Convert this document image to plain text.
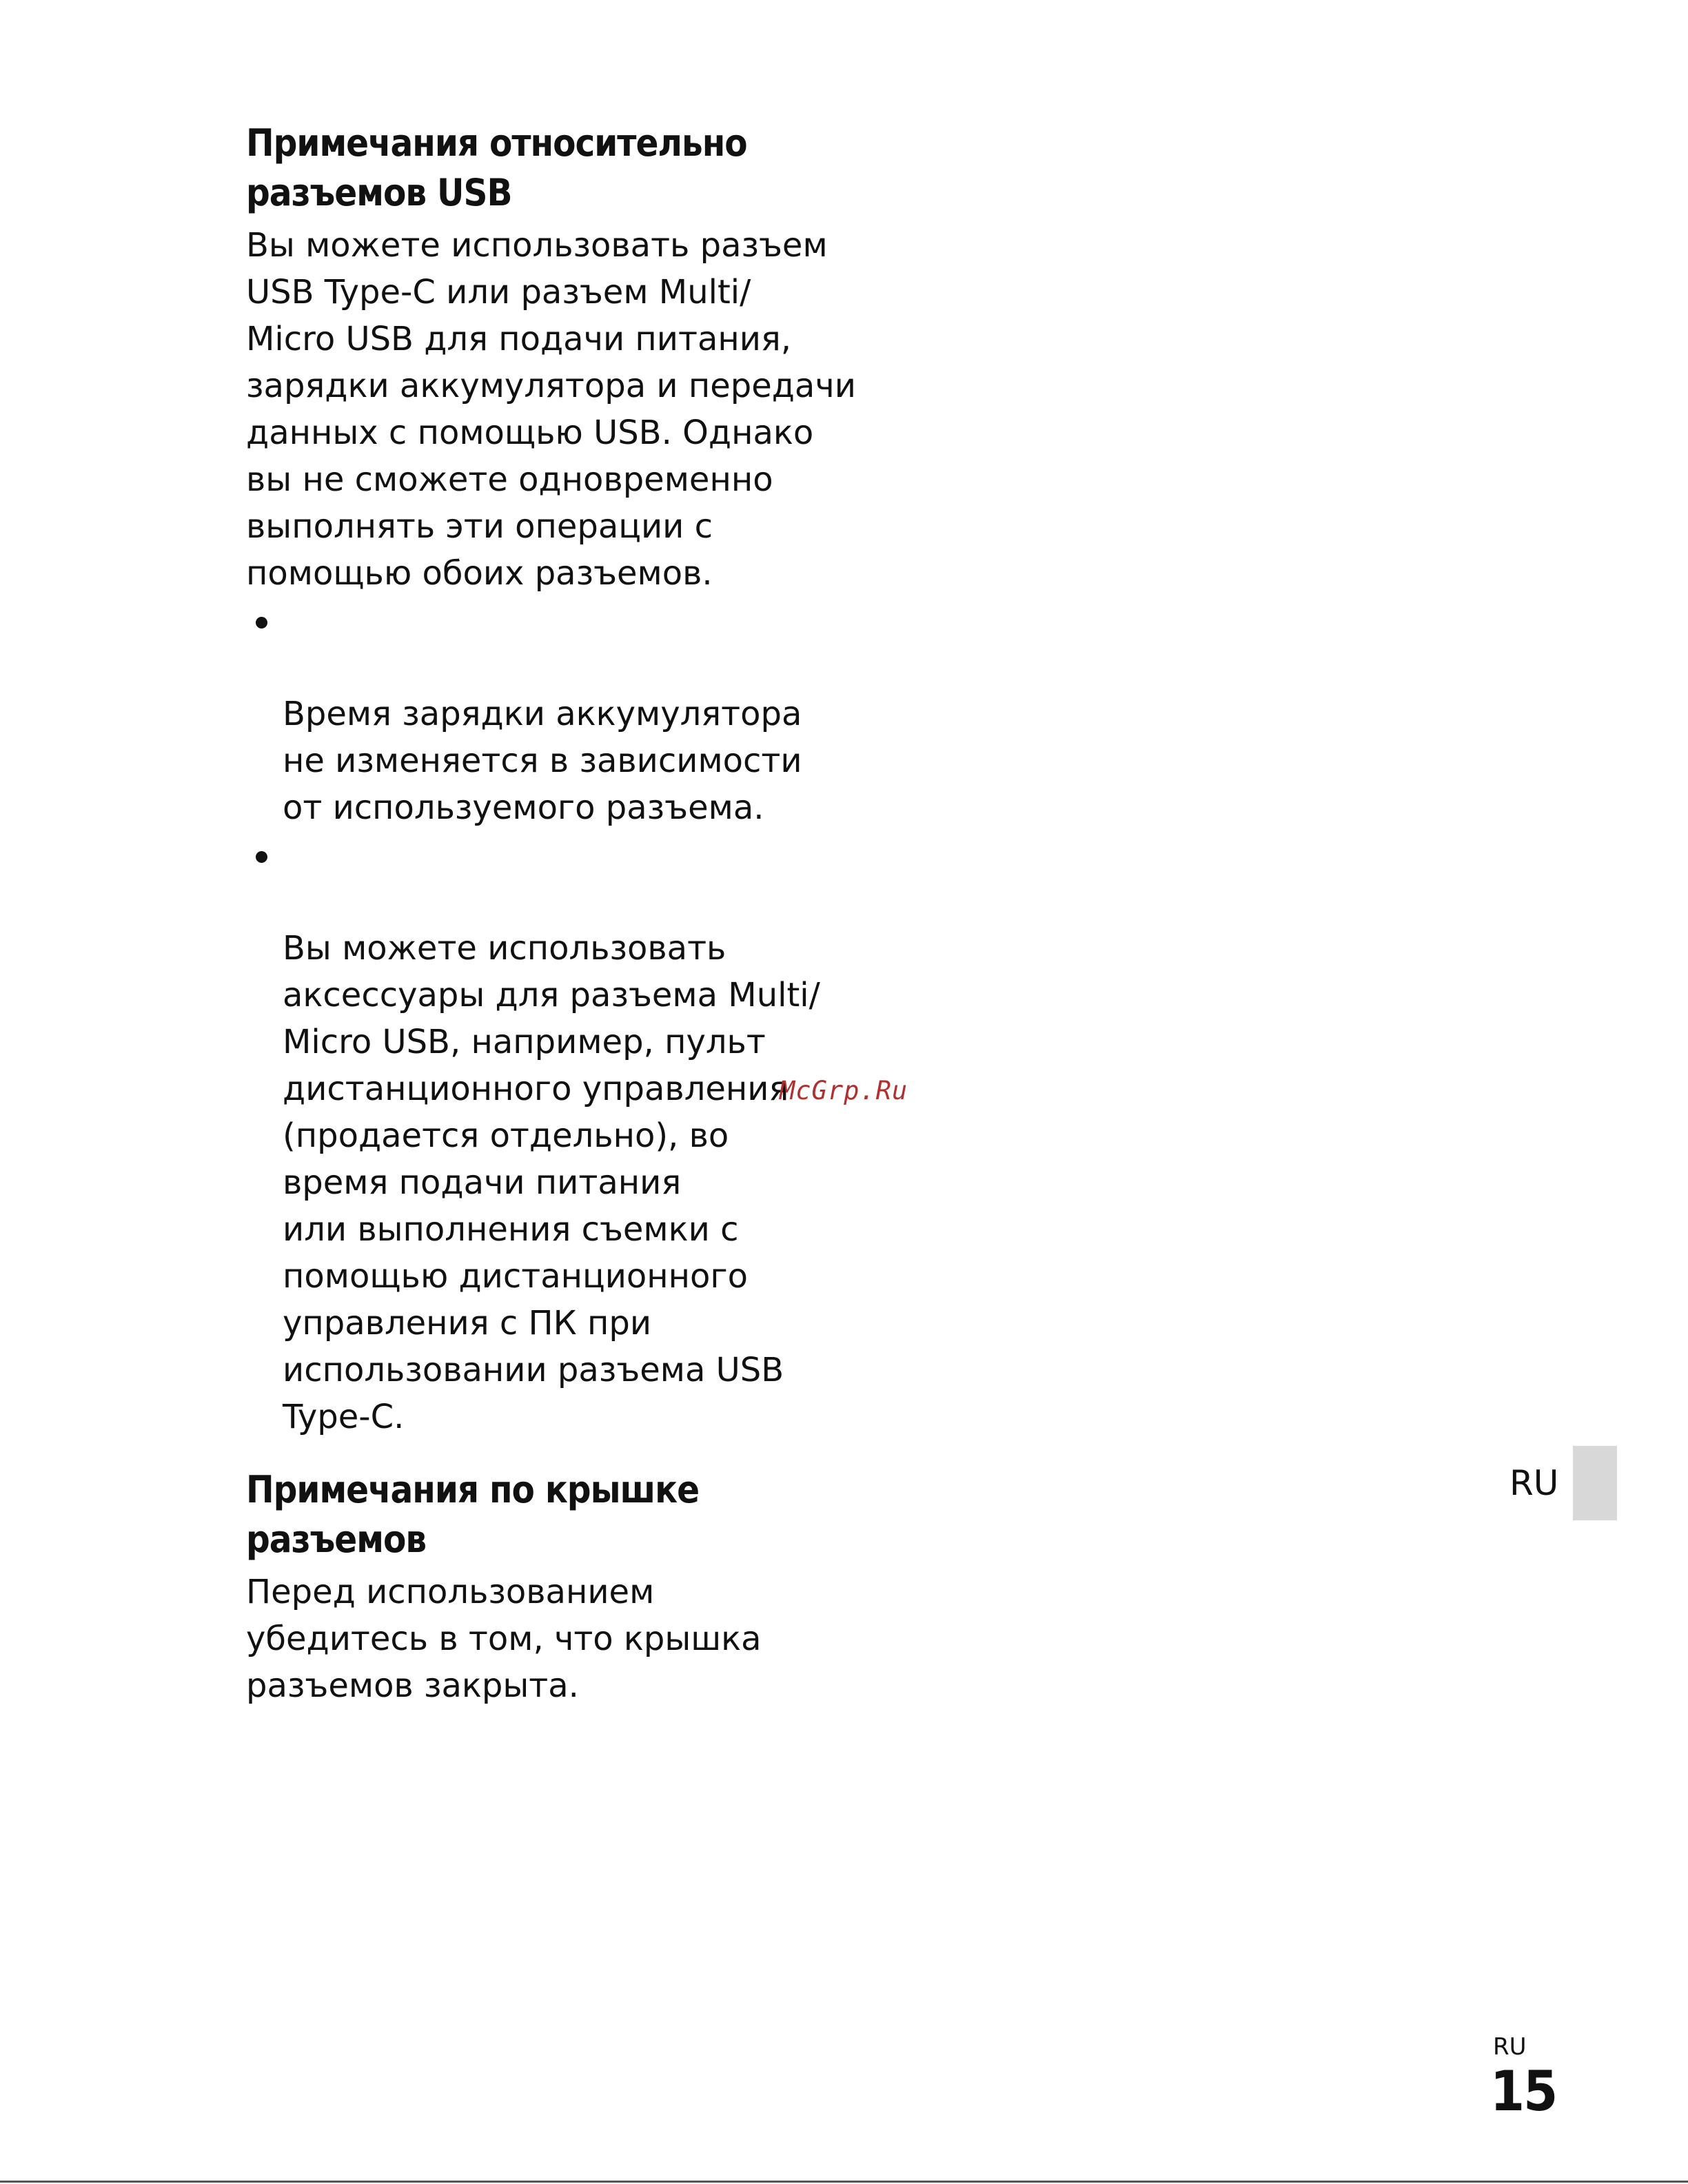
Примечания относительно
разъемов USB

Вы можете использовать разъем
USB Type-C или разъем Multi/
Micro USB для подачи питания,
зарядки аккумулятора и передачи
данных с помощью USB. Однако
вы не сможете одновременно
выполнять эти операции с
помощью обоих разъемов.

Время зарядки аккумулятора
не изменяется в зависимости
от используемого разъема.

Вы можете использовать
аксессуары для разъема Multi/
Micro USB, например, пульт
дистанционного управления
(продается отдельно), во
время подачи питания
или выполнения съемки с
помощью дистанционного
управления с ПК при
использовании разъема USB
Type-C.

Примечания по крышке
разъемов

Перед использованием
убедитесь в том, что крышка
разъемов закрыта.

McGrp.Ru
RU
RU
15
